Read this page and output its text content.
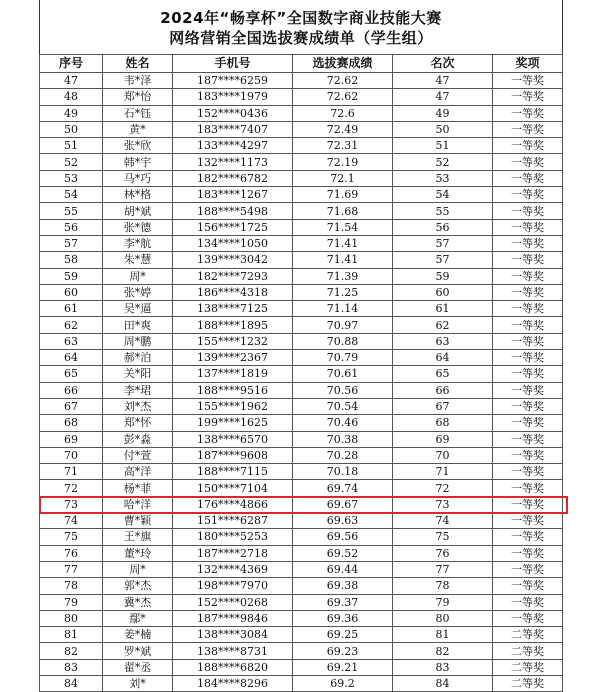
2024年“畅享杯”全国数字商业技能大赛
网络营销全国选拔赛成绩单（学生组）
序号	姓名	手机号	选拔赛成绩	名次	奖项
47	韦*泽	187****6259	72.62	47	一等奖
48	郑*怡	183****1979	72.62	47	一等奖
49	石*钰	152****0436	72.6	49	一等奖
50	黄*	183****7407	72.49	50	一等奖
51	张*欣	133****4297	72.31	51	一等奖
52	韩*宇	132****1173	72.19	52	一等奖
53	马*巧	182****6782	72.1	53	一等奖
54	林*格	183****1267	71.69	54	一等奖
55	胡*斌	188****5498	71.68	55	一等奖
56	张*德	156****1725	71.54	56	一等奖
57	李*航	134****1050	71.41	57	一等奖
58	朱*慧	139****3042	71.41	57	一等奖
59	周*	182****7293	71.39	59	一等奖
60	张*婷	186****4318	71.25	60	一等奖
61	吴*逼	138****7125	71.14	61	一等奖
62	田*爽	188****1895	70.97	62	一等奖
63	周*鹏	155****1232	70.88	63	一等奖
64	郝*泊	139****2367	70.79	64	一等奖
65	关*阳	137****1819	70.61	65	一等奖
66	李*珺	188****9516	70.56	66	一等奖
67	刘*杰	155****1962	70.54	67	一等奖
68	郑*怀	199****1625	70.46	68	一等奖
69	彭*淼	138****6570	70.38	69	一等奖
70	付*萱	187****9608	70.28	70	一等奖
71	高*洋	188****7115	70.18	71	一等奖
72	杨*菲	150****7104	69.74	72	一等奖
73	哈*洋	176****4866	69.67	73	一等奖
74	曹*颖	151****6287	69.63	74	一等奖
75	王*旗	180****5253	69.56	75	一等奖
76	董*玲	187****2718	69.52	76	一等奖
77	周*	132****4369	69.44	77	一等奖
78	郭*杰	198****7970	69.38	78	一等奖
79	冀*杰	152****0268	69.37	79	一等奖
80	鄢*	187****9846	69.36	80	一等奖
81	姜*楠	138****3084	69.25	81	二等奖
82	罗*斌	138****8731	69.23	82	二等奖
83	翟*丞	188****6820	69.21	83	二等奖
84	刘*	184****8296	69.2	84	二等奖
